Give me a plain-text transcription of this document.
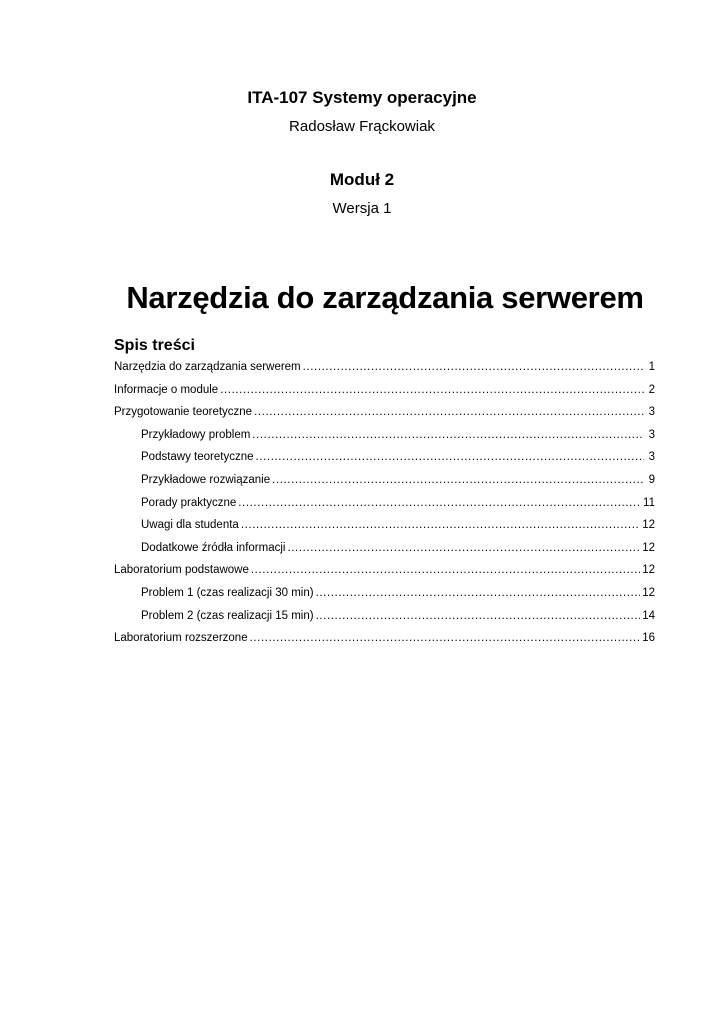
ITA-107 Systemy operacyjne
Radosław Frąckowiak
Moduł 2
Wersja 1
Narzędzia do zarządzania serwerem
Spis treści
Narzędzia do zarządzania serwerem .....	1
Informacje o module .....	2
Przygotowanie teoretyczne .....	3
Przykładowy problem .....	3
Podstawy teoretyczne .....	3
Przykładowe rozwiązanie .....	9
Porady praktyczne .....	11
Uwagi dla studenta .....	12
Dodatkowe źródła informacji .....	12
Laboratorium podstawowe .....	12
Problem 1 (czas realizacji 30 min) .....	12
Problem 2 (czas realizacji 15 min) .....	14
Laboratorium rozszerzone .....	16
